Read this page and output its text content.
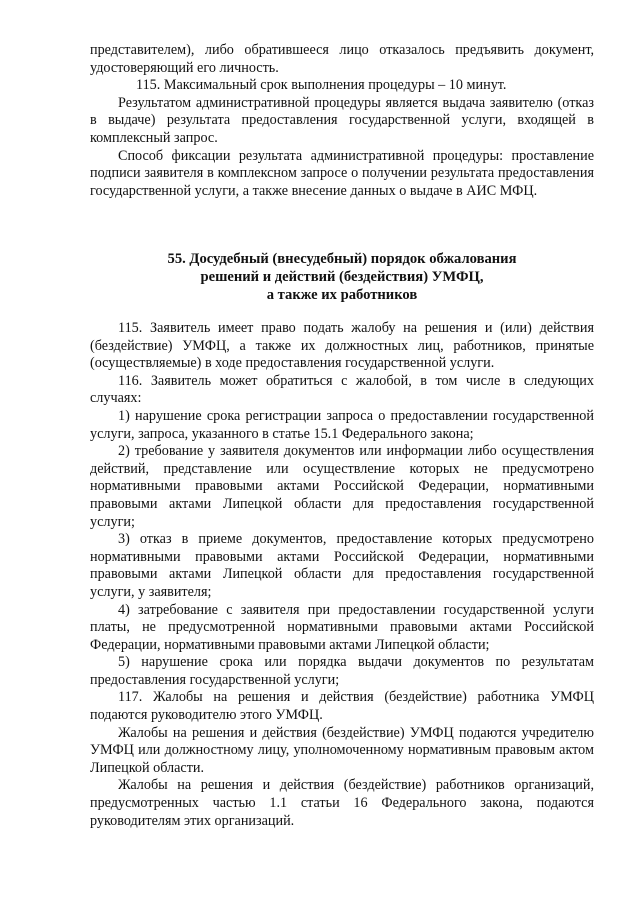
представителем), либо обратившееся лицо отказалось предъявить документ, удостоверяющий его личность.

115. Максимальный срок выполнения процедуры – 10 минут.

Результатом административной процедуры является выдача заявителю (отказ в выдаче) результата предоставления государственной услуги, входящей в комплексный запрос.

Способ фиксации результата административной процедуры: проставление подписи заявителя в комплексном запросе о получении результата предоставления государственной услуги, а также внесение данных о выдаче в АИС МФЦ.

55. Досудебный (внесудебный) порядок обжалования
решений и действий (бездействия) УМФЦ,
а также их работников

115. Заявитель имеет право подать жалобу на решения и (или) действия (бездействие) УМФЦ, а также их должностных лиц, работников, принятые (осуществляемые) в ходе предоставления государственной услуги.

116. Заявитель может обратиться с жалобой, в том числе в следующих случаях:

1) нарушение срока регистрации запроса о предоставлении государственной услуги, запроса, указанного в статье 15.1 Федерального закона;

2) требование у заявителя документов или информации либо осуществления действий, представление или осуществление которых не предусмотрено нормативными правовыми актами Российской Федерации, нормативными правовыми актами Липецкой области для предоставления государственной услуги;

3) отказ в приеме документов, предоставление которых предусмотрено нормативными правовыми актами Российской Федерации, нормативными правовыми актами Липецкой области для предоставления государственной услуги, у заявителя;

4) затребование с заявителя при предоставлении государственной услуги платы, не предусмотренной нормативными правовыми актами Российской Федерации, нормативными правовыми актами Липецкой области;

5) нарушение срока или порядка выдачи документов по результатам предоставления государственной услуги;

117. Жалобы на решения и действия (бездействие) работника УМФЦ подаются руководителю этого УМФЦ.

Жалобы на решения и действия (бездействие) УМФЦ подаются учредителю УМФЦ или должностному лицу, уполномоченному нормативным правовым актом Липецкой области.

Жалобы на решения и действия (бездействие) работников организаций, предусмотренных частью 1.1 статьи 16 Федерального закона, подаются руководителям этих организаций.
